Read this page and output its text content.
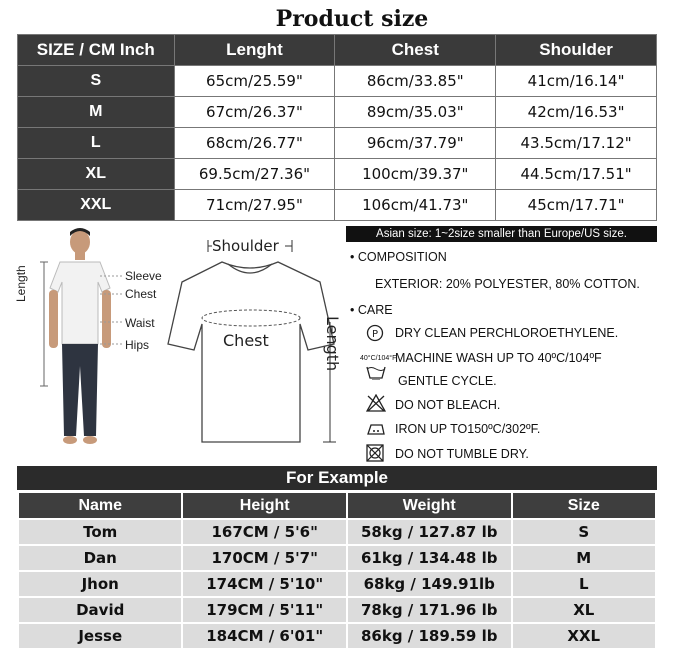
Product size
SIZE / CM Inch	Lenght	Chest	Shoulder
S	65cm/25.59"	86cm/33.85"	41cm/16.14"
M	67cm/26.37"	89cm/35.03"	42cm/16.53"
L	68cm/26.77"	96cm/37.79"	43.5cm/17.12"
XL	69.5cm/27.36"	100cm/39.37"	44.5cm/17.51"
XXL	71cm/27.95"	106cm/41.73"	45cm/17.71"
Asian size: 1~2size smaller than Europe/US size.
Length	Sleeve
Chest
Waist
Hips
Shoulder
Chest	Length
• COMPOSITION
EXTERIOR: 20% POLYESTER, 80% COTTON.
• CARE
P DRY CLEAN PERCHLOROETHYLENE.
40°C/104°F
MACHINE WASH UP TO 40ºC/104ºF
GENTLE CYCLE.
DO NOT BLEACH.
IRON UP TO150ºC/302ºF.
DO NOT TUMBLE DRY.
For Example
Name	Height	Weight	Size
Tom	167CM / 5'6"	58kg / 127.87 lb	S
Dan	170CM / 5'7"	61kg / 134.48 lb	M
Jhon	174CM / 5'10"	68kg / 149.91lb	L
David	179CM / 5'11"	78kg / 171.96 lb	XL
Jesse	184CM / 6'01"	86kg / 189.59 lb	XXL
